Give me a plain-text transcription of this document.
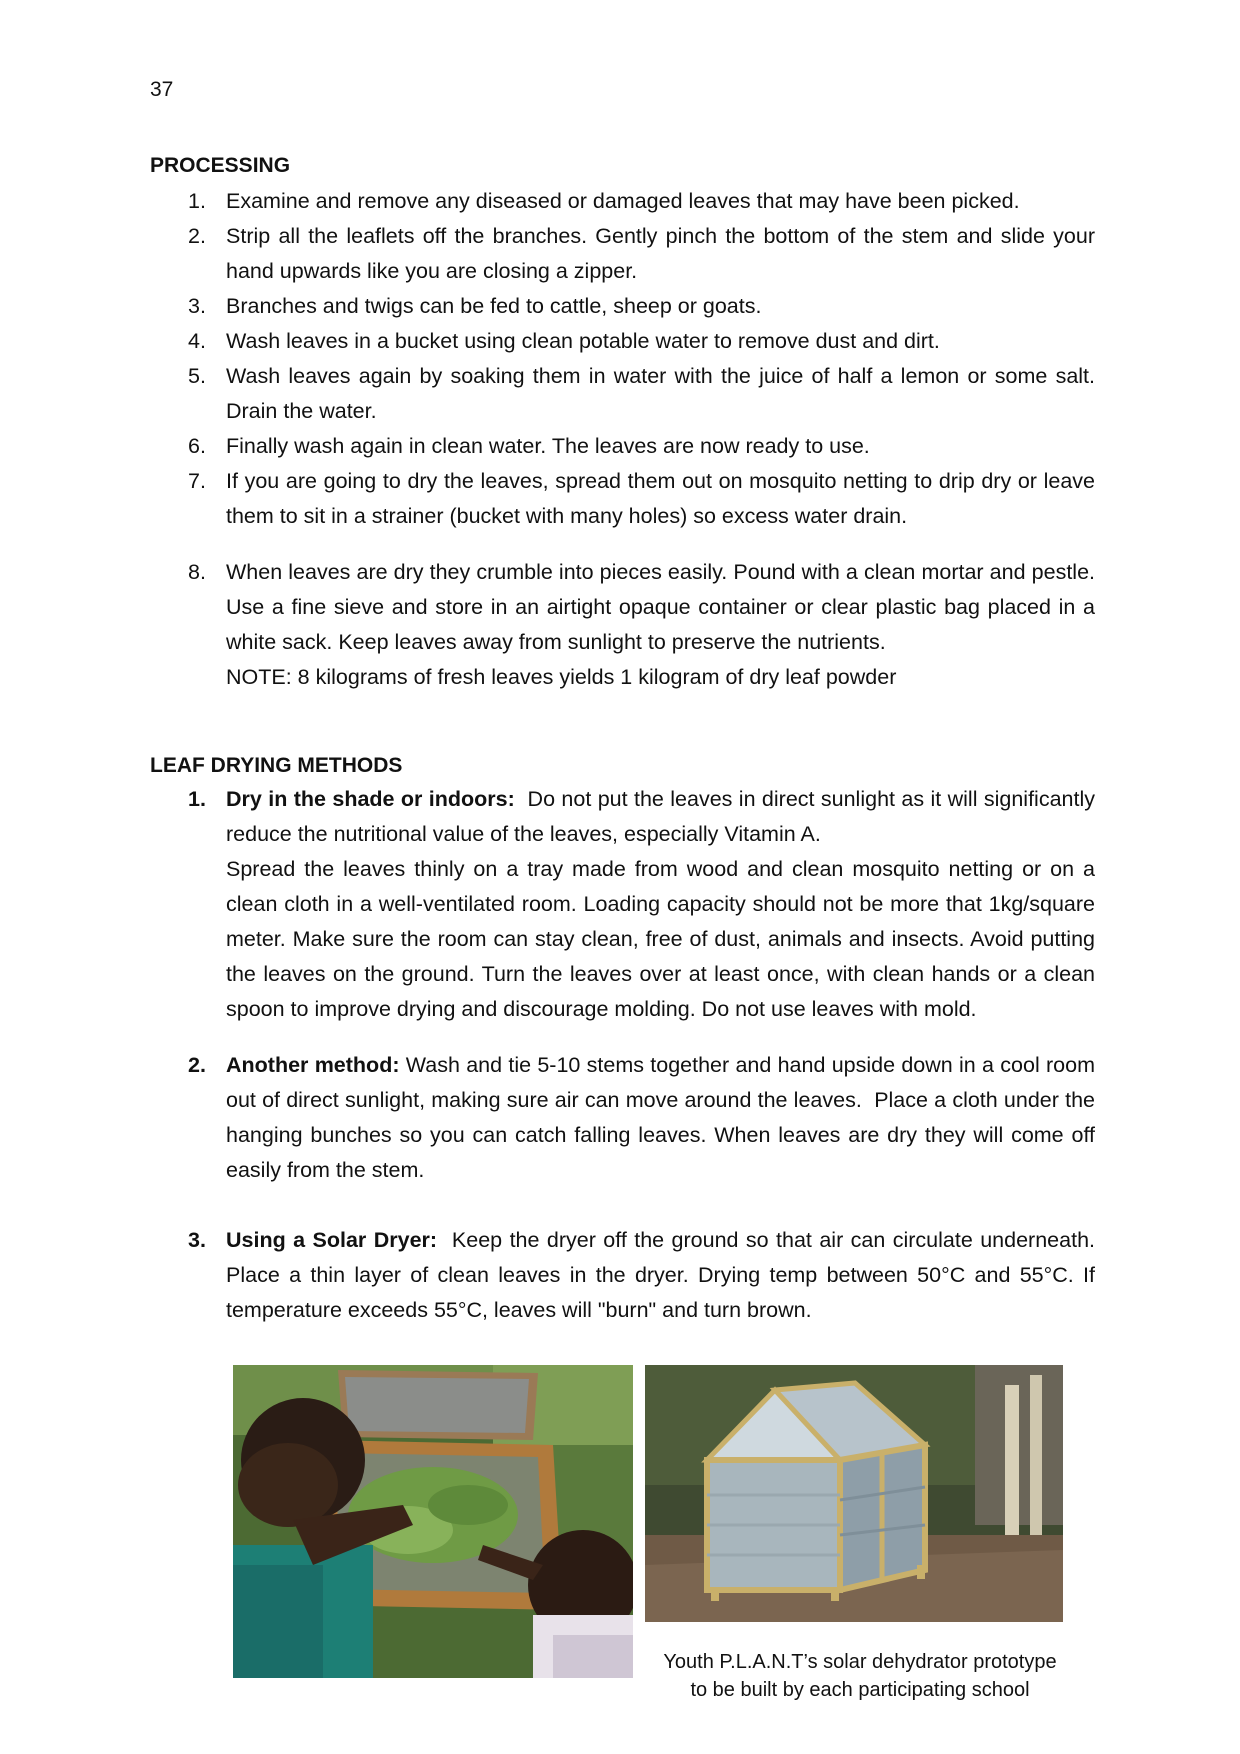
37
PROCESSING
1. Examine and remove any diseased or damaged leaves that may have been picked.

2. Strip all the leaflets off the branches. Gently pinch the bottom of the stem and slide your hand upwards like you are closing a zipper.

3. Branches and twigs can be fed to cattle, sheep or goats.

4. Wash leaves in a bucket using clean potable water to remove dust and dirt.

5. Wash leaves again by soaking them in water with the juice of half a lemon or some salt. Drain the water.

6. Finally wash again in clean water. The leaves are now ready to use.

7. If you are going to dry the leaves, spread them out on mosquito netting to drip dry or leave them to sit in a strainer (bucket with many holes) so excess water drain.

8. When leaves are dry they crumble into pieces easily. Pound with a clean mortar and pestle. Use a fine sieve and store in an airtight opaque container or clear plastic bag placed in a white sack. Keep leaves away from sunlight to preserve the nutrients.

NOTE: 8 kilograms of fresh leaves yields 1 kilogram of dry leaf powder

LEAF DRYING METHODS
1. Dry in the shade or indoors:  Do not put the leaves in direct sunlight as it will significantly reduce the nutritional value of the leaves, especially Vitamin A.

Spread the leaves thinly on a tray made from wood and clean mosquito netting or on a clean cloth in a well-ventilated room. Loading capacity should not be more that 1kg/square meter. Make sure the room can stay clean, free of dust, animals and insects. Avoid putting the leaves on the ground. Turn the leaves over at least once, with clean hands or a clean spoon to improve drying and discourage molding. Do not use leaves with mold.

2. Another method: Wash and tie 5-10 stems together and hand upside down in a cool room out of direct sunlight, making sure air can move around the leaves.  Place a cloth under the hanging bunches so you can catch falling leaves. When leaves are dry they will come off easily from the stem.

3. Using a Solar Dryer:  Keep the dryer off the ground so that air can circulate underneath. Place a thin layer of clean leaves in the dryer. Drying temp between 50°C and 55°C. If temperature exceeds 55°C, leaves will "burn" and turn brown.

Youth P.L.A.N.T’s solar dehydrator prototype
to be built by each participating school
